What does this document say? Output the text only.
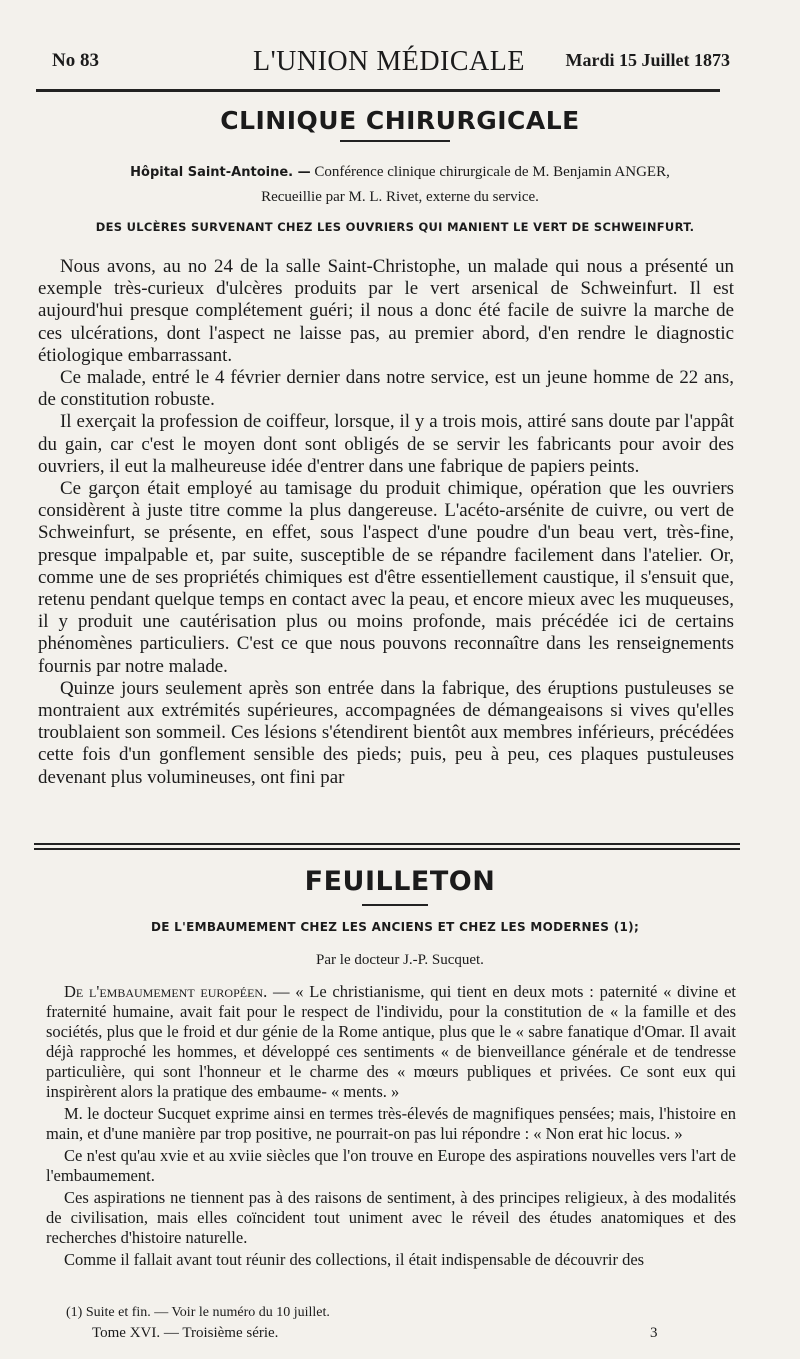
No 83	L'UNION MÉDICALE	Mardi 15 Juillet 1873
CLINIQUE CHIRURGICALE
Hôpital Saint-Antoine. — Conférence clinique chirurgicale de M. Benjamin ANGER,
Recueillie par M. L. Rivet, externe du service.
DES ULCÈRES SURVENANT CHEZ LES OUVRIERS QUI MANIENT LE VERT DE SCHWEINFURT.

Nous avons, au no 24 de la salle Saint-Christophe, un malade qui nous a présenté un exemple très-curieux d'ulcères produits par le vert arsenical de Schweinfurt. Il est aujourd'hui presque complétement guéri; il nous a donc été facile de suivre la marche de ces ulcérations, dont l'aspect ne laisse pas, au premier abord, d'en rendre le diagnostic étiologique embarrassant.

Ce malade, entré le 4 février dernier dans notre service, est un jeune homme de 22 ans, de constitution robuste.

Il exerçait la profession de coiffeur, lorsque, il y a trois mois, attiré sans doute par l'appât du gain, car c'est le moyen dont sont obligés de se servir les fabricants pour avoir des ouvriers, il eut la malheureuse idée d'entrer dans une fabrique de papiers peints.

Ce garçon était employé au tamisage du produit chimique, opération que les ouvriers considèrent à juste titre comme la plus dangereuse. L'acéto-arsénite de cuivre, ou vert de Schweinfurt, se présente, en effet, sous l'aspect d'une poudre d'un beau vert, très-fine, presque impalpable et, par suite, susceptible de se répandre facilement dans l'atelier. Or, comme une de ses propriétés chimiques est d'être essentiellement caustique, il s'ensuit que, retenu pendant quelque temps en contact avec la peau, et encore mieux avec les muqueuses, il y produit une cautérisation plus ou moins profonde, mais précédée ici de certains phénomènes particuliers. C'est ce que nous pouvons reconnaître dans les renseignements fournis par notre malade.

Quinze jours seulement après son entrée dans la fabrique, des éruptions pustuleuses se montraient aux extrémités supérieures, accompagnées de démangeaisons si vives qu'elles troublaient son sommeil. Ces lésions s'étendirent bientôt aux membres inférieurs, précédées cette fois d'un gonflement sensible des pieds; puis, peu à peu, ces plaques pustuleuses devenant plus volumineuses, ont fini par

FEUILLETON
DE L'EMBAUMEMENT CHEZ LES ANCIENS ET CHEZ LES MODERNES (1);
Par le docteur J.-P. Sucquet.

De l'embaumement européen. — « Le christianisme, qui tient en deux mots : paternité « divine et fraternité humaine, avait fait pour le respect de l'individu, pour la constitution de « la famille et des sociétés, plus que le froid et dur génie de la Rome antique, plus que le « sabre fanatique d'Omar. Il avait déjà rapproché les hommes, et développé ces sentiments « de bienveillance générale et de tendresse particulière, qui sont l'honneur et le charme des « mœurs publiques et privées. Ce sont eux qui inspirèrent alors la pratique des embaume- « ments. »

M. le docteur Sucquet exprime ainsi en termes très-élevés de magnifiques pensées; mais, l'histoire en main, et d'une manière par trop positive, ne pourrait-on pas lui répondre : « Non erat hic locus. »

Ce n'est qu'au xvie et au xviie siècles que l'on trouve en Europe des aspirations nouvelles vers l'art de l'embaumement.

Ces aspirations ne tiennent pas à des raisons de sentiment, à des principes religieux, à des modalités de civilisation, mais elles coïncident tout uniment avec le réveil des études anatomiques et des recherches d'histoire naturelle.

Comme il fallait avant tout réunir des collections, il était indispensable de découvrir des

(1) Suite et fin. — Voir le numéro du 10 juillet.
Tome XVI. — Troisième série.	3
